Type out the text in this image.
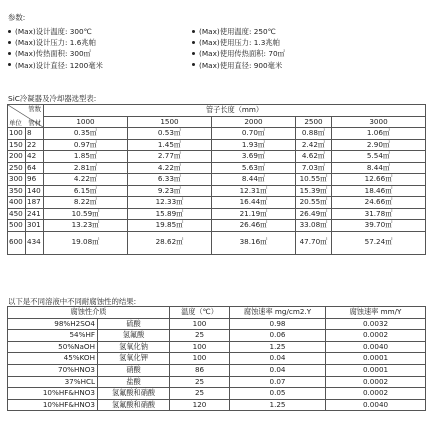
参数:
(Max)设计温度: 300℃
(Max)设计压力: 1.6兆帕
(Max)传热面积: 300㎡
(Max)设计直径: 1200毫米
(Max)使用温度: 250℃
(Max)使用压力: 1.3兆帕
(Max)使用传热面积: 70㎡
(Max)使用直径: 900毫米
SiC冷凝器及冷却器选型表:
管数
单位 管材		管子长度（mm）				
		1000	1500	2000	2500	3000
100	8	0.35㎡	0.53㎡	0.70㎡	0.88㎡	1.06㎡
150	22	0.97㎡	1.45㎡	1.93㎡	2.42㎡	2.90㎡
200	42	1.85㎡	2.77㎡	3.69㎡	4.62㎡	5.54㎡
250	64	2.81㎡	4.22㎡	5.63㎡	7.03㎡	8.44㎡
300	96	4.22㎡	6.33㎡	8.44㎡	10.55㎡	12.66㎡
350	140	6.15㎡	9.23㎡	12.31㎡	15.39㎡	18.46㎡
400	187	8.22㎡	12.33㎡	16.44㎡	20.55㎡	24.66㎡
450	241	10.59㎡	15.89㎡	21.19㎡	26.49㎡	31.78㎡
500	301	13.23㎡	19.85㎡	26.46㎡	33.08㎡	39.70㎡
600	434	19.08㎡	28.62㎡	38.16㎡	47.70㎡	57.24㎡
以下是不同溶液中不同耐腐蚀性的结果:
腐蚀性介质		温度（℃）	腐蚀速率 mg/cm2.Y	腐蚀速率 mm/Y
98%H2SO4	硫酸	100	0.98	0.0032
54%HF	氢氟酸	25	0.06	0.0002
50%NaOH	氢氧化钠	100	1.25	0.0040
45%KOH	氢氧化钾	100	0.04	0.0001
70%HNO3	硝酸	86	0.04	0.0001
37%HCL	盐酸	25	0.07	0.0002
10%HF&HNO3	氢氟酸和硝酸	25	0.05	0.0002
10%HF&HNO3	氢氟酸和硝酸	120	1.25	0.0040
